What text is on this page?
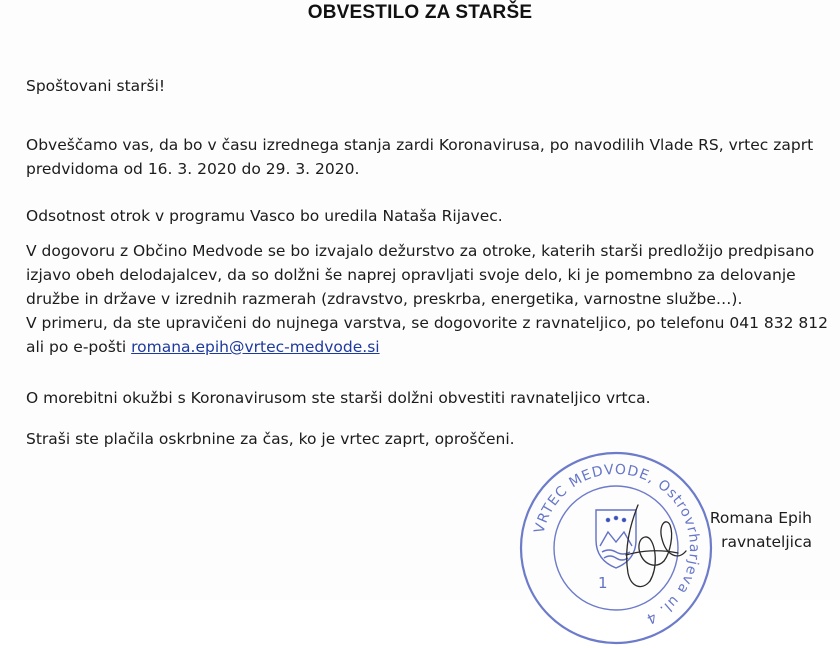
OBVESTILO ZA STARŠE

Spoštovani starši!

Obveščamo vas, da bo v času izrednega stanja zardi Koronavirusa, po navodilih Vlade RS, vrtec zaprt
predvidoma od 16. 3. 2020 do 29. 3. 2020.

Odsotnost otrok v programu Vasco bo uredila Nataša Rijavec.

V dogovoru z Občino Medvode se bo izvajalo dežurstvo za otroke, katerih starši predložijo predpisano
izjavo obeh delodajalcev, da so dolžni še naprej opravljati svoje delo, ki je pomembno za delovanje
družbe in države v izrednih razmerah (zdravstvo, preskrba, energetika, varnostne službe…).
V primeru, da ste upravičeni do nujnega varstva, se dogovorite z ravnateljico, po telefonu 041 832 812
ali po e-pošti romana.epih@vrtec-medvode.si

O morebitni okužbi s Koronavirusom ste starši dolžni obvestiti ravnateljico vrtca.

Straši ste plačila oskrbnine za čas, ko je vrtec zaprt, oproščeni.

VRTEC MEDVODE, Ostrovrharjeva ul. 4
1
Romana Epih
ravnateljica
